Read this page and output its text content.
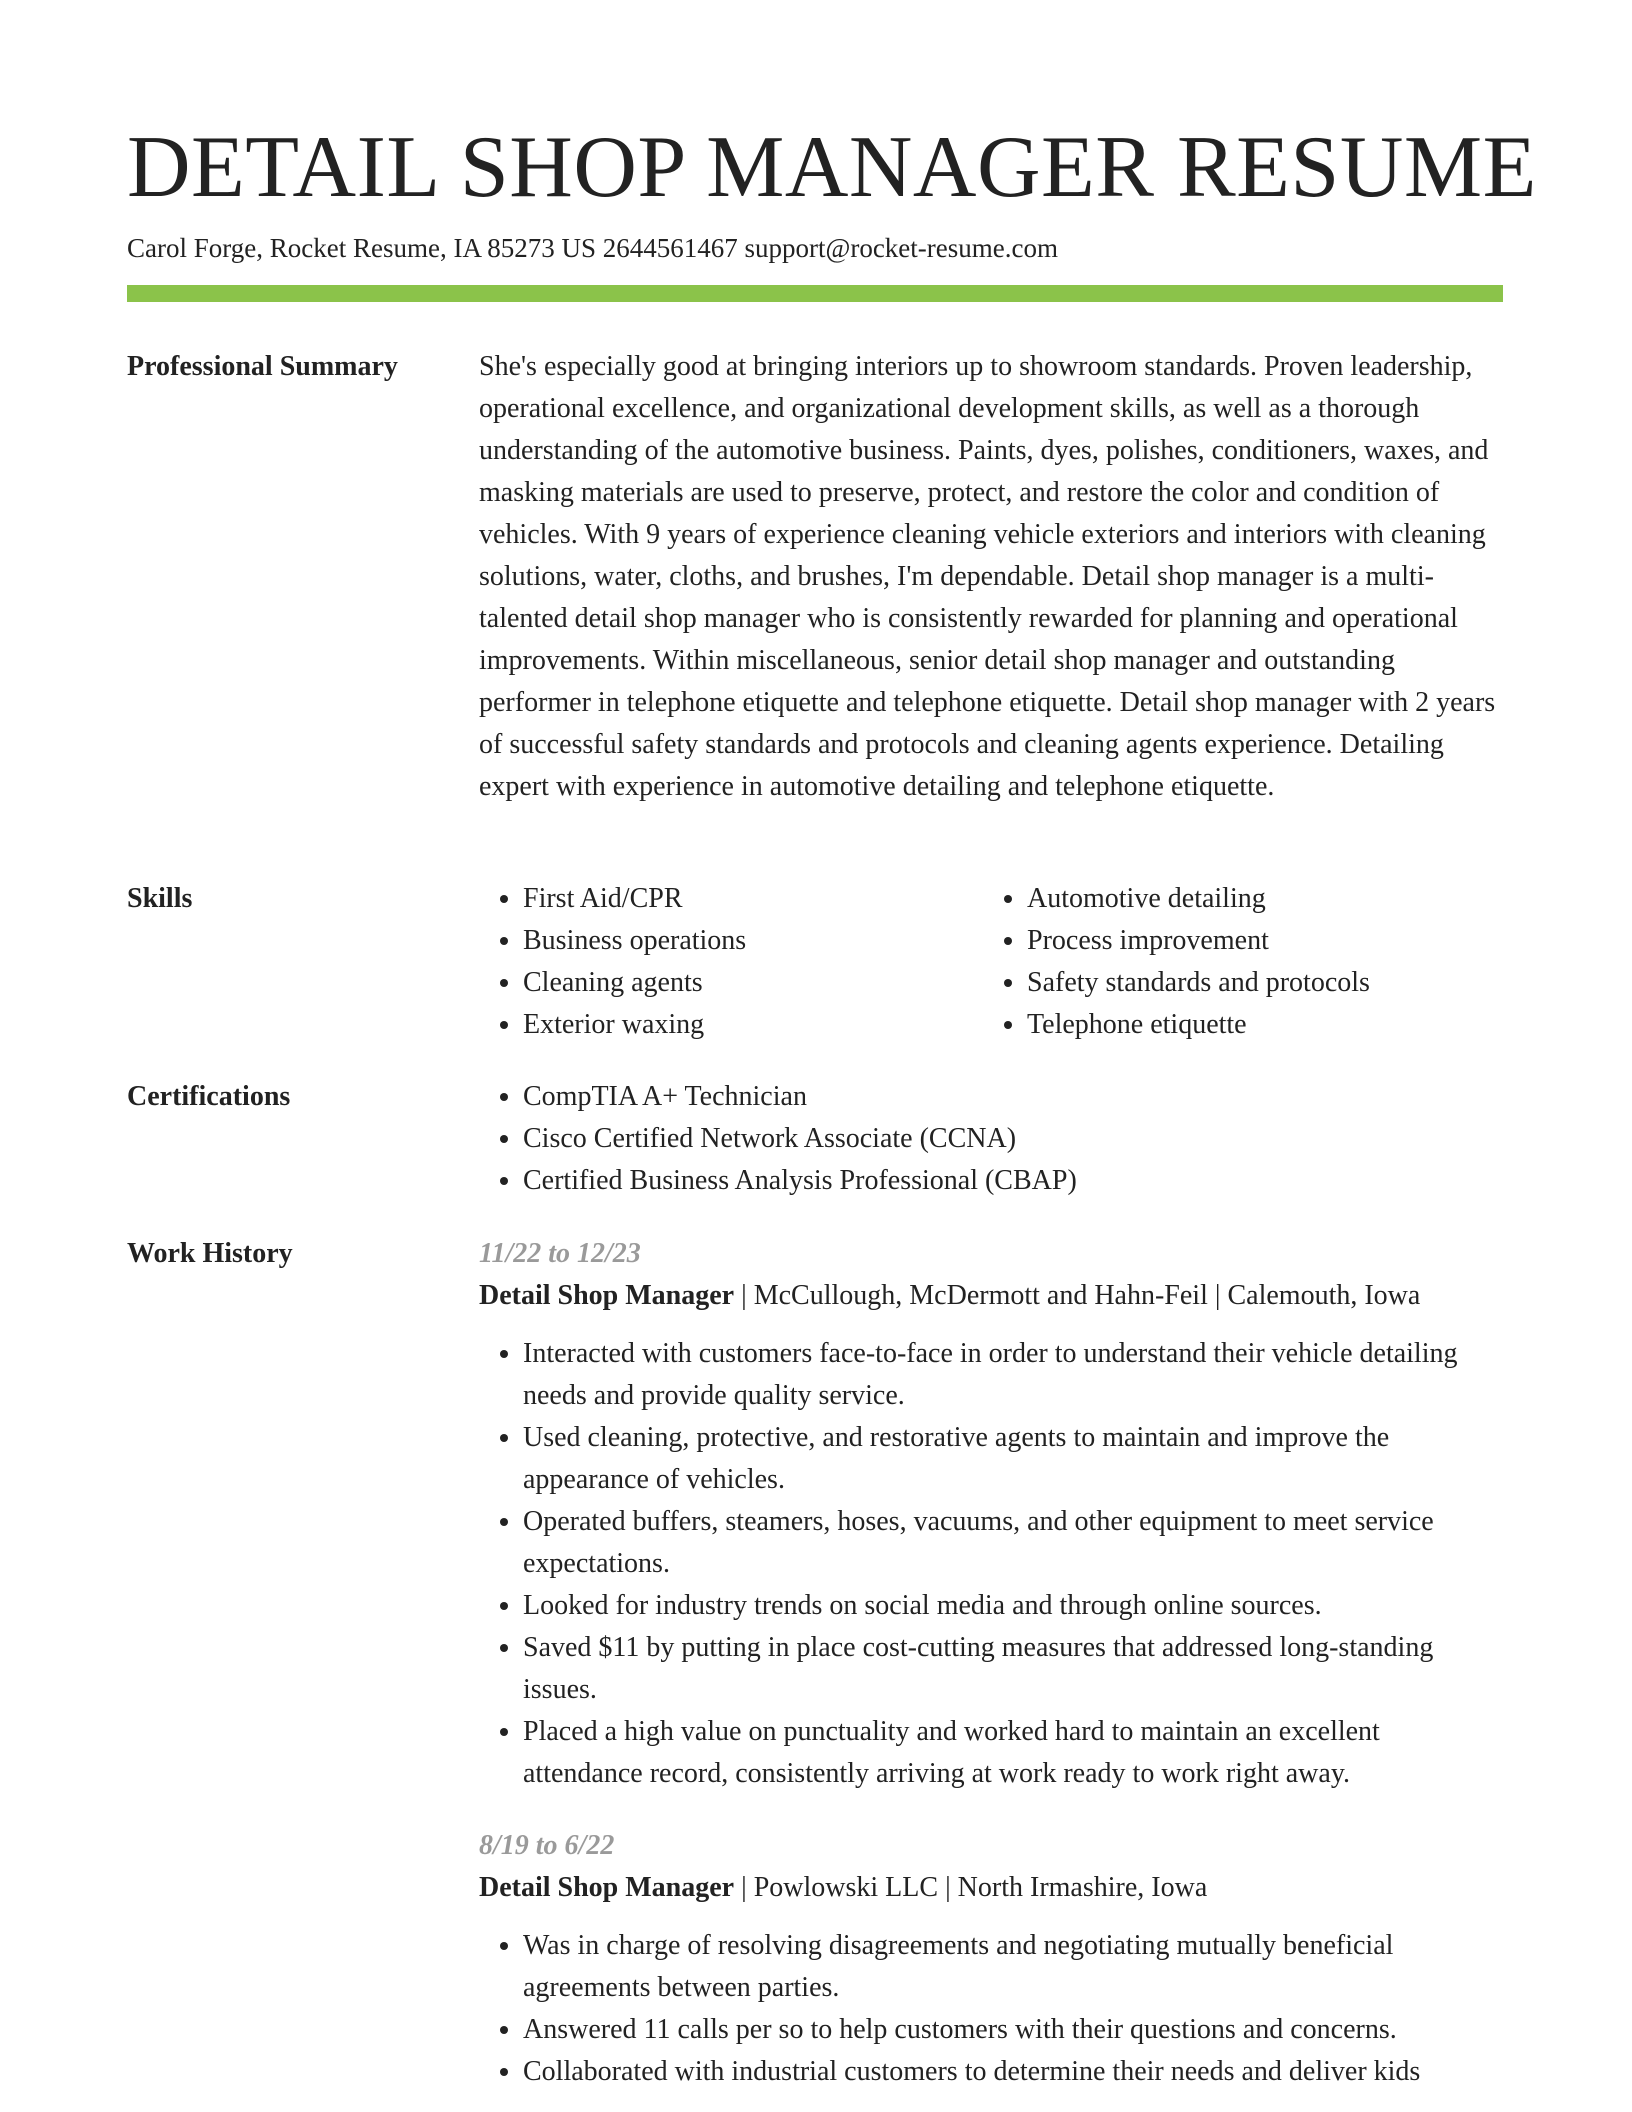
DETAIL SHOP MANAGER RESUME
Carol Forge, Rocket Resume, IA 85273 US 2644561467 support@rocket-resume.com
Professional Summary	She's especially good at bringing interiors up to showroom standards. Proven leadership, operational excellence, and organizational development skills, as well as a thorough understanding of the automotive business. Paints, dyes, polishes, conditioners, waxes, and masking materials are used to preserve, protect, and restore the color and condition of vehicles. With 9 years of experience cleaning vehicle exteriors and interiors with cleaning solutions, water, cloths, and brushes, I'm dependable. Detail shop manager is a multi-talented detail shop manager who is consistently rewarded for planning and operational improvements. Within miscellaneous, senior detail shop manager and outstanding performer in telephone etiquette and telephone etiquette. Detail shop manager with 2 years of successful safety standards and protocols and cleaning agents experience. Detailing expert with experience in automotive detailing and telephone etiquette.

Skills	• First Aid/CPR
• Business operations
• Cleaning agents
• Exterior waxing
• Automotive detailing
• Process improvement
• Safety standards and protocols
• Telephone etiquette
Certifications	• CompTIA A+ Technician
• Cisco Certified Network Associate (CCNA)
• Certified Business Analysis Professional (CBAP)
Work History	11/22 to 12/23
Detail Shop Manager | McCullough, McDermott and Hahn-Feil | Calemouth, Iowa
• Interacted with customers face-to-face in order to understand their vehicle detailing needs and provide quality service.
• Used cleaning, protective, and restorative agents to maintain and improve the appearance of vehicles.
• Operated buffers, steamers, hoses, vacuums, and other equipment to meet service expectations.
• Looked for industry trends on social media and through online sources.
• Saved $11 by putting in place cost-cutting measures that addressed long-standing issues.
• Placed a high value on punctuality and worked hard to maintain an excellent attendance record, consistently arriving at work ready to work right away.
8/19 to 6/22
Detail Shop Manager | Powlowski LLC | North Irmashire, Iowa
• Was in charge of resolving disagreements and negotiating mutually beneficial agreements between parties.
• Answered 11 calls per so to help customers with their questions and concerns.
• Collaborated with industrial customers to determine their needs and deliver kids
